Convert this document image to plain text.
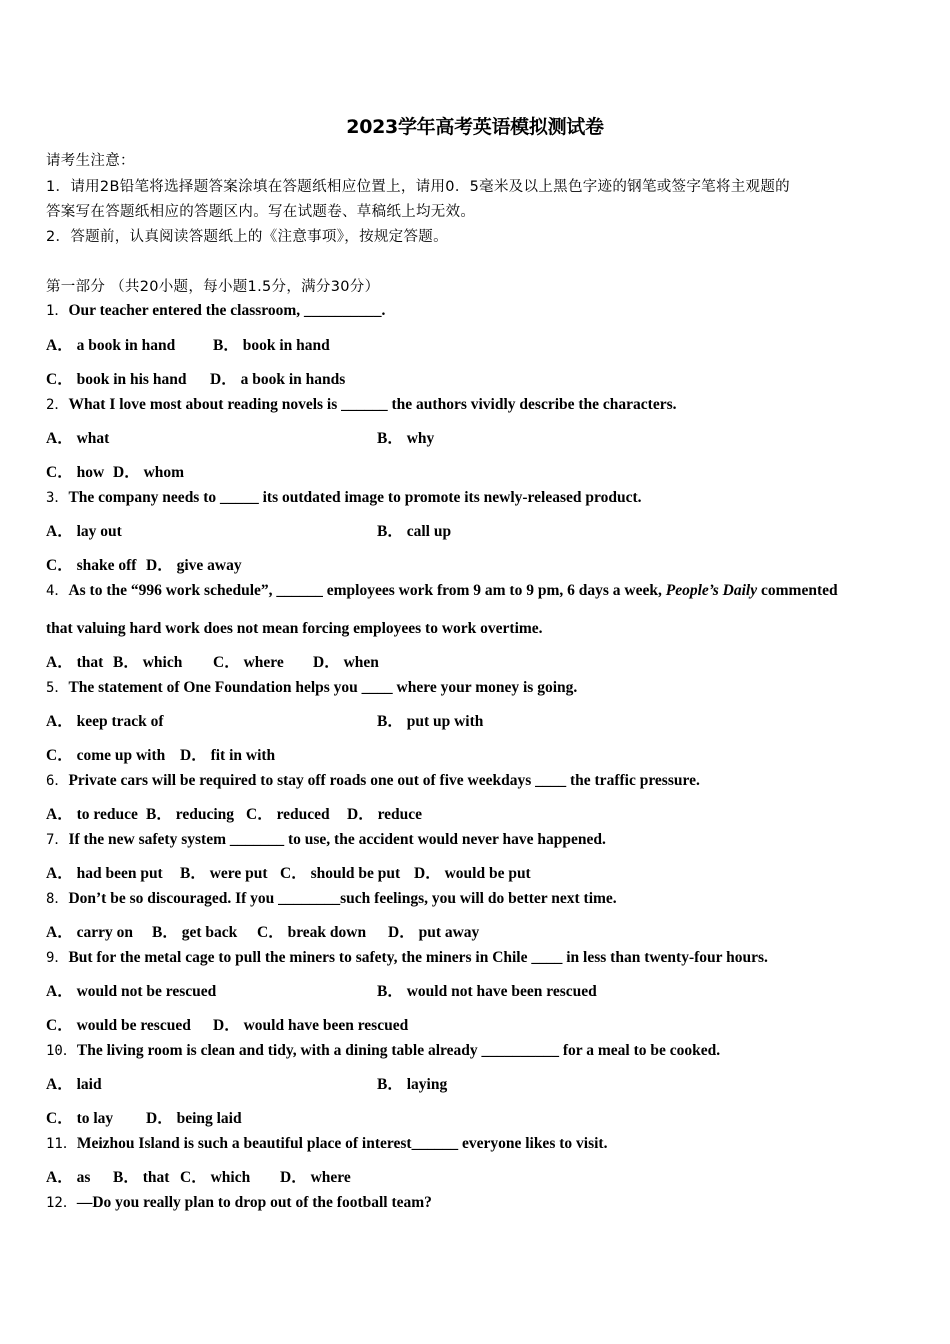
2023学年高考英语模拟测试卷
请考生注意：
1．请用2B铅笔将选择题答案涂填在答题纸相应位置上，请用0．5毫米及以上黑色字迹的钢笔或签字笔将主观题的
答案写在答题纸相应的答题区内。写在试题卷、草稿纸上均无效。
2．答题前，认真阅读答题纸上的《注意事项》，按规定答题。
第一部分 （共20小题，每小题1.5分，满分30分）
1．Our teacher entered the classroom, __________.
A． a book in hand B． book in hand
C． book in his hand D． a book in hands
2．What I love most about reading novels is ______ the authors vividly describe the characters.
A． what	B． why
C． how D． whom
3．The company needs to _____ its outdated image to promote its newly-released product.
A． lay out	B． call up
C． shake off D． give away
4．As to the “996 work schedule”, ______ employees work from 9 am to 9 pm, 6 days a week, People’s Daily commented
that valuing hard work does not mean forcing employees to work overtime.
A． that B． which C． where D． when
5．The statement of One Foundation helps you ____ where your money is going.
A． keep track of	B． put up with
C． come up with D． fit in with
6．Private cars will be required to stay off roads one out of five weekdays ____ the traffic pressure.
A． to reduce B． reducing C． reduced D． reduce
7．If the new safety system _______ to use, the accident would never have happened.
A． had been put B． were put C． should be put D． would be put
8．Don’t be so discouraged. If you ________such feelings, you will do better next time.
A． carry on B． get back C． break down D． put away
9．But for the metal cage to pull the miners to safety, the miners in Chile ____ in less than twenty-four hours.
A． would not be rescued	B． would not have been rescued
C． would be rescued D． would have been rescued
10．The living room is clean and tidy, with a dining table already __________ for a meal to be cooked.
A． laid	B． laying
C． to lay D． being laid
11．Meizhou Island is such a beautiful place of interest______ everyone likes to visit.
A． as B． that C． which D． where
12．—Do you really plan to drop out of the football team?
